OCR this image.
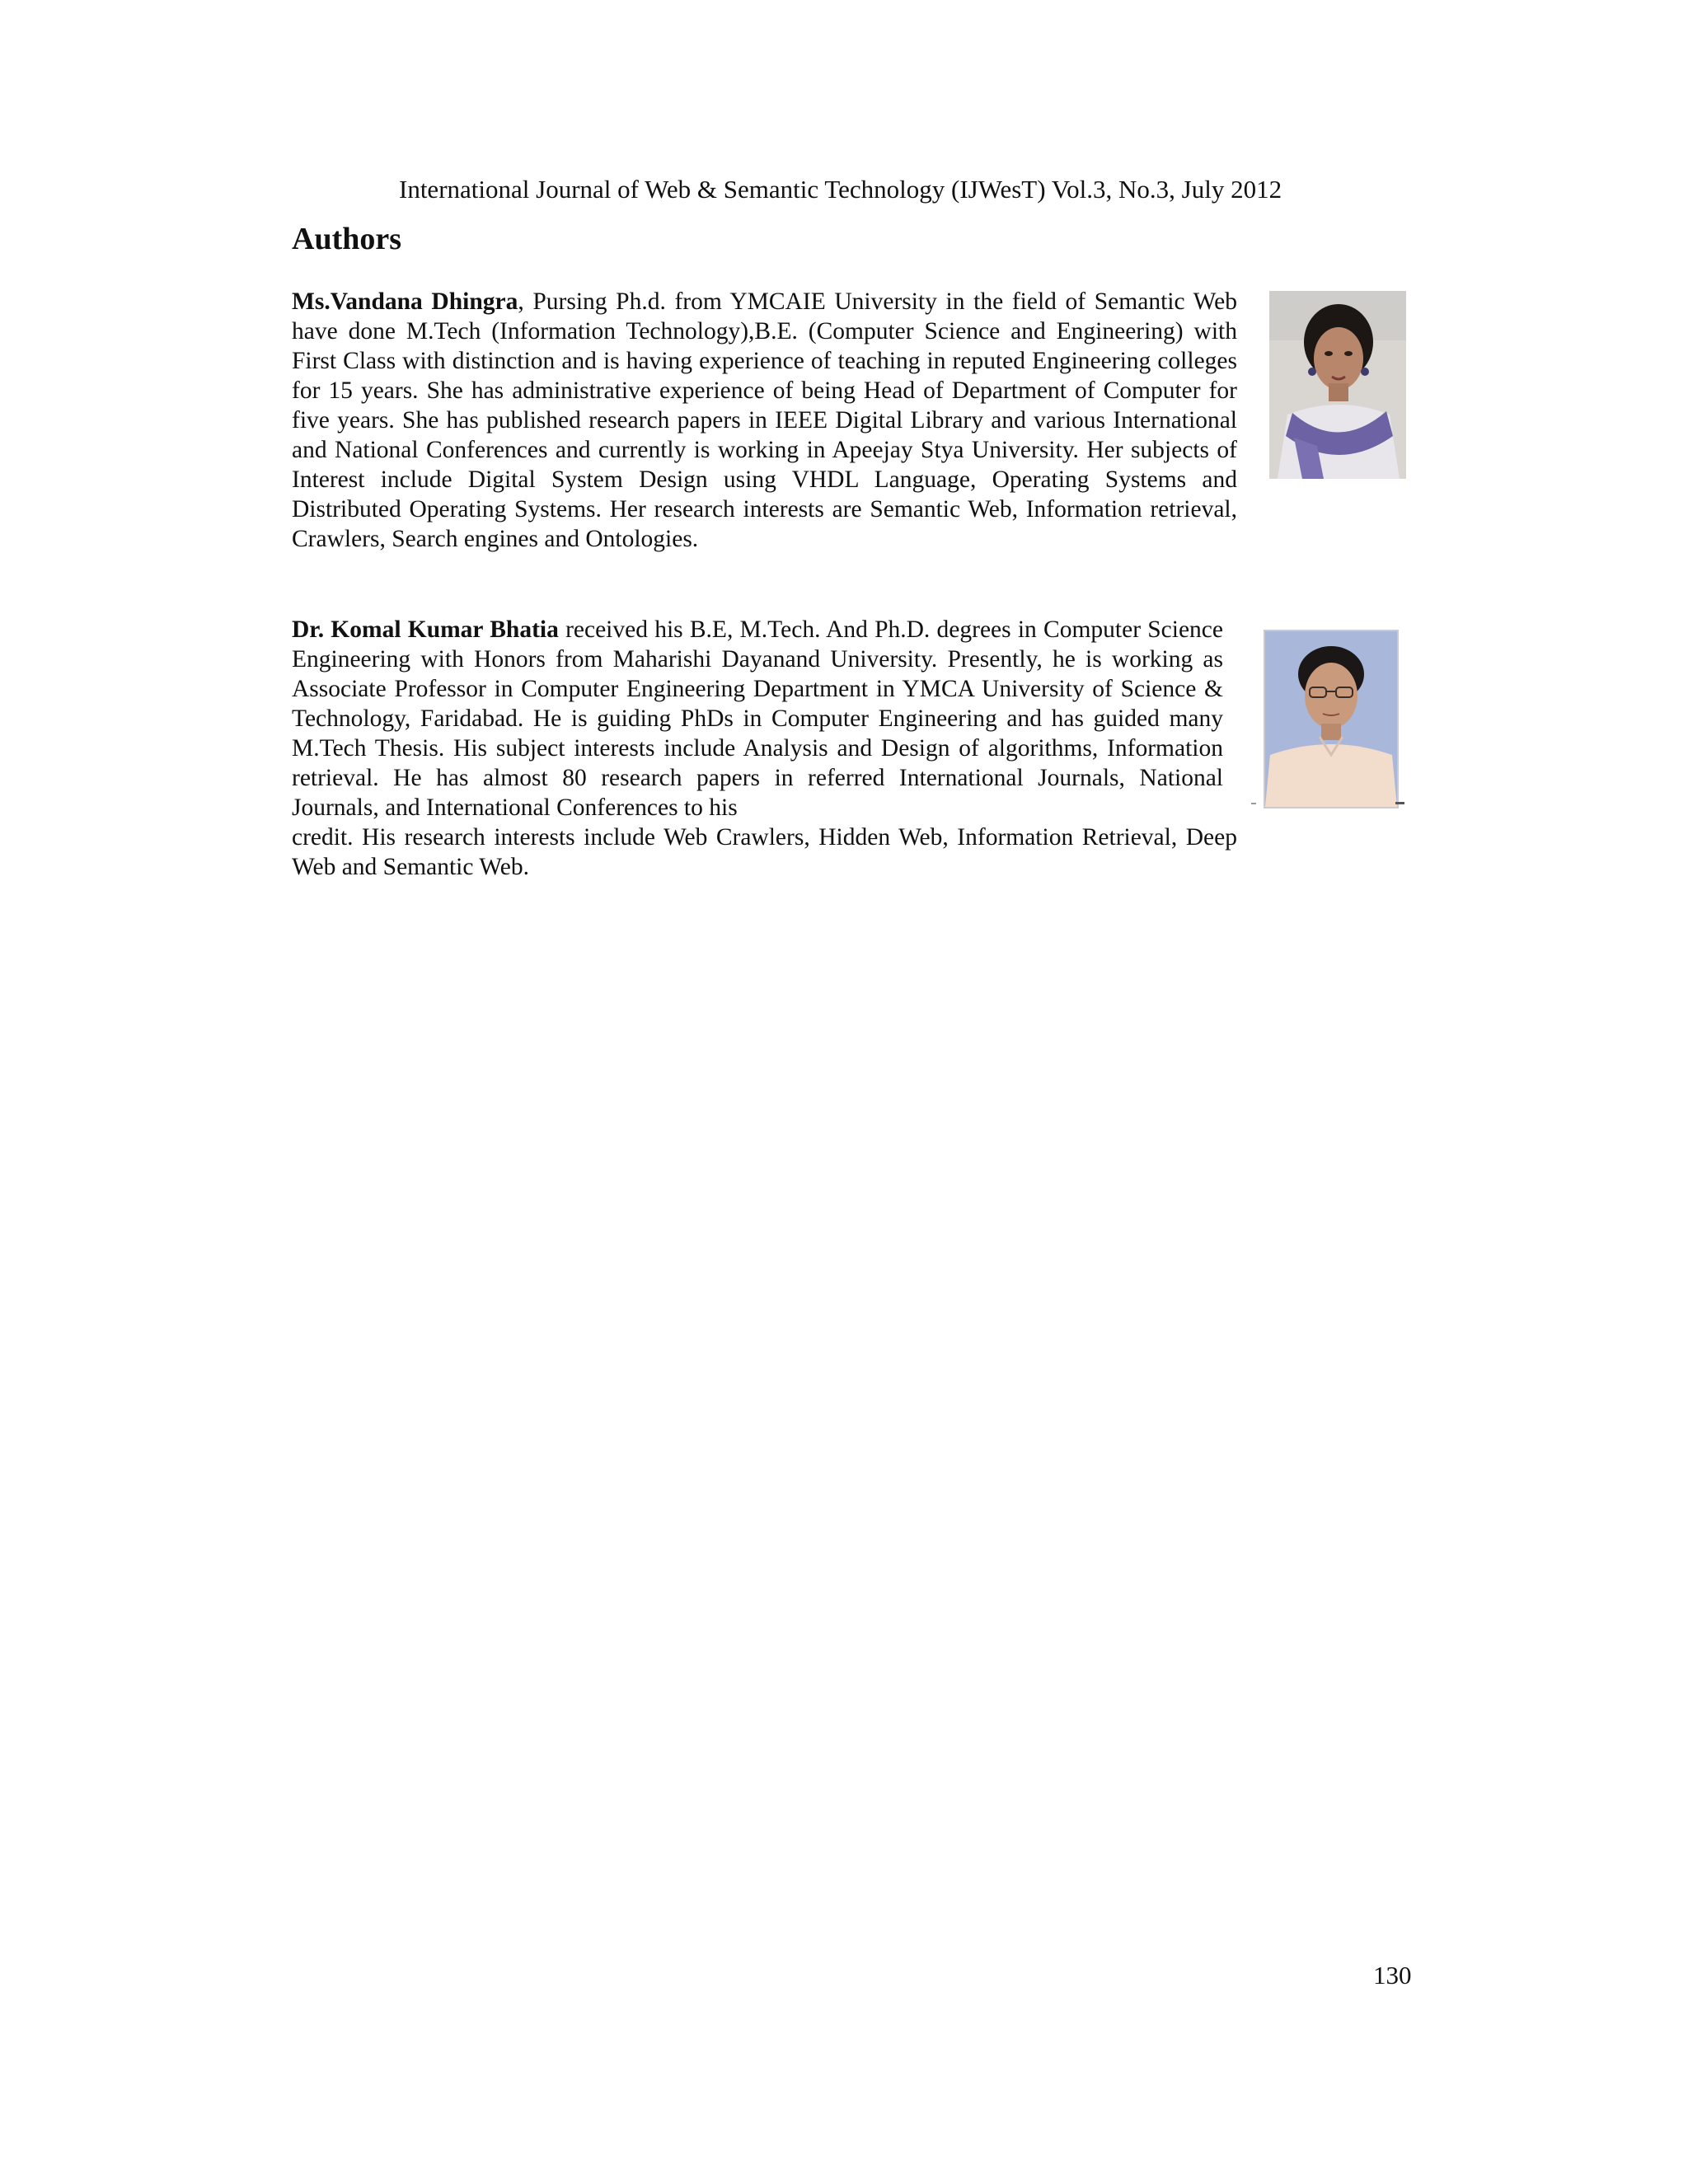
International Journal of Web & Semantic Technology (IJWesT) Vol.3, No.3, July 2012
Authors

Ms.Vandana Dhingra, Pursing Ph.d. from YMCAIE University in the field of Semantic Web have done M.Tech (Information Technology),B.E. (Computer Science and Engineering) with First Class with distinction and is having experience of teaching in reputed Engineering colleges for 15 years. She has administrative experience of being Head of Department of Computer for five years. She has published research papers in IEEE Digital Library and various International and National Conferences and currently is working in Apeejay Stya University. Her subjects of Interest include Digital System Design using VHDL Language, Operating Systems and Distributed Operating Systems. Her research interests are Semantic Web, Information retrieval, Crawlers, Search engines and Ontologies.

Dr. Komal Kumar Bhatia received his B.E, M.Tech. And Ph.D. degrees in Computer Science Engineering with Honors from Maharishi Dayanand University. Presently, he is working as Associate Professor in Computer Engineering Department in YMCA University of Science & Technology, Faridabad. He is guiding PhDs in Computer Engineering and has guided many M.Tech Thesis. His subject interests include Analysis and Design of algorithms, Information retrieval. He has almost 80 research papers in referred International Journals, National Journals, and International Conferences to his
credit. His research interests include Web Crawlers, Hidden Web, Information Retrieval, Deep Web and Semantic Web.

130
